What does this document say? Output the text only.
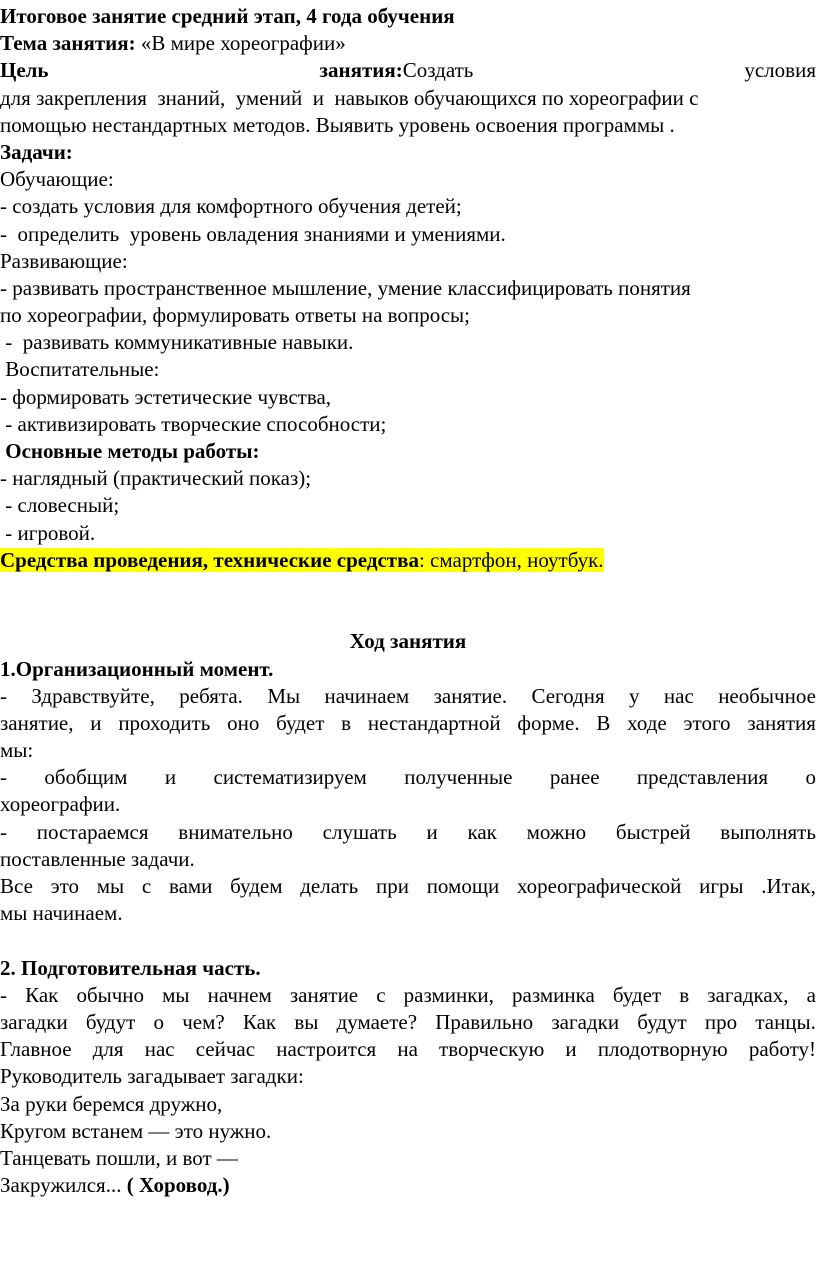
Итоговое занятие средний этап, 4 года обучения
Тема занятия: «В мире хореографии»
Цель	занятия:Создать	условия
для закрепления  знаний,  умений  и  навыков обучающихся по хореографии с
помощью нестандартных методов. Выявить уровень освоения программы .
Задачи:
Обучающие:
- создать условия для комфортного обучения детей;
-  определить  уровень овладения знаниями и умениями.
Развивающие:
- развивать пространственное мышление, умение классифицировать понятия
по хореографии, формулировать ответы на вопросы;
-  развивать коммуникативные навыки.
Воспитательные:
- формировать эстетические чувства,
- активизировать творческие способности;
Основные методы работы:
- наглядный (практический показ);
- словесный;
- игровой.
Средства проведения, технические средства: смартфон, ноутбук.
Ход занятия
1.Организационный момент.
- Здравствуйте, ребята. Мы начинаем занятие. Сегодня у нас необычное
занятие, и проходить оно будет в нестандартной форме. В ходе этого занятия
мы:
- обобщим и систематизируем полученные ранее представления о
хореографии.
- постараемся внимательно слушать и как можно быстрей выполнять
поставленные задачи.
Все это мы с вами будем делать при помощи хореографической игры .Итак,
мы начинаем.
2. Подготовительная часть.
- Как обычно мы начнем занятие с разминки, разминка будет в загадках, а
загадки будут о чем? Как вы думаете? Правильно загадки будут про танцы.
Главное для нас сейчас настроится на творческую и плодотворную работу!
Руководитель загадывает загадки:
За руки беремся дружно,
Кругом встанем — это нужно.
Танцевать пошли, и вот —
Закружился... ( Хоровод.)
